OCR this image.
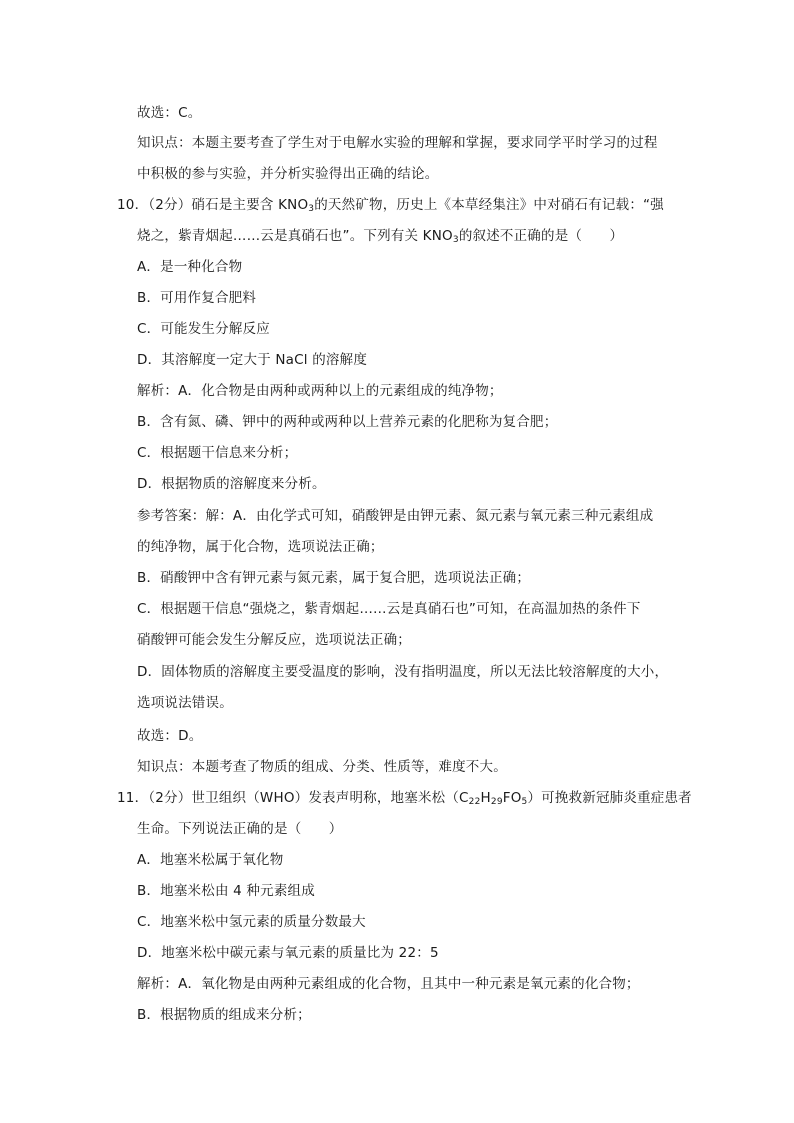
故选：C。
知识点：本题主要考查了学生对于电解水实验的理解和掌握，要求同学平时学习的过程
中积极的参与实验，并分析实验得出正确的结论。
10．（2分）硝石是主要含 $KNO_3$的天然矿物，历史上《本草经集注》中对硝石有记载：“强
烧之，紫青烟起……云是真硝石也”。下列有关 $KNO_3$的叙述不正确的是（　　）
A．是一种化合物
B．可用作复合肥料
C．可能发生分解反应
D．其溶解度一定大于 NaCl 的溶解度
解析：A．化合物是由两种或两种以上的元素组成的纯净物；
B．含有氮、磷、钾中的两种或两种以上营养元素的化肥称为复合肥；
C．根据题干信息来分析；
D．根据物质的溶解度来分析。
参考答案：解：A．由化学式可知，硝酸钾是由钾元素、氮元素与氧元素三种元素组成
的纯净物，属于化合物，选项说法正确；
B．硝酸钾中含有钾元素与氮元素，属于复合肥，选项说法正确；
C．根据题干信息“强烧之，紫青烟起……云是真硝石也”可知，在高温加热的条件下
硝酸钾可能会发生分解反应，选项说法正确；
D．固体物质的溶解度主要受温度的影响，没有指明温度，所以无法比较溶解度的大小，
选项说法错误。
故选：D。
知识点：本题考查了物质的组成、分类、性质等，难度不大。
11．（2分）世卫组织（WHO）发表声明称，地塞米松$(C_{22}H_{29}FO_5)$可挽救新冠肺炎重症患者
生命。下列说法正确的是（　　）
A．地塞米松属于氧化物
B．地塞米松由 4 种元素组成
C．地塞米松中氢元素的质量分数最大
D．地塞米松中碳元素与氧元素的质量比为 22：5
解析：A．氧化物是由两种元素组成的化合物，且其中一种元素是氧元素的化合物；
B．根据物质的组成来分析；
